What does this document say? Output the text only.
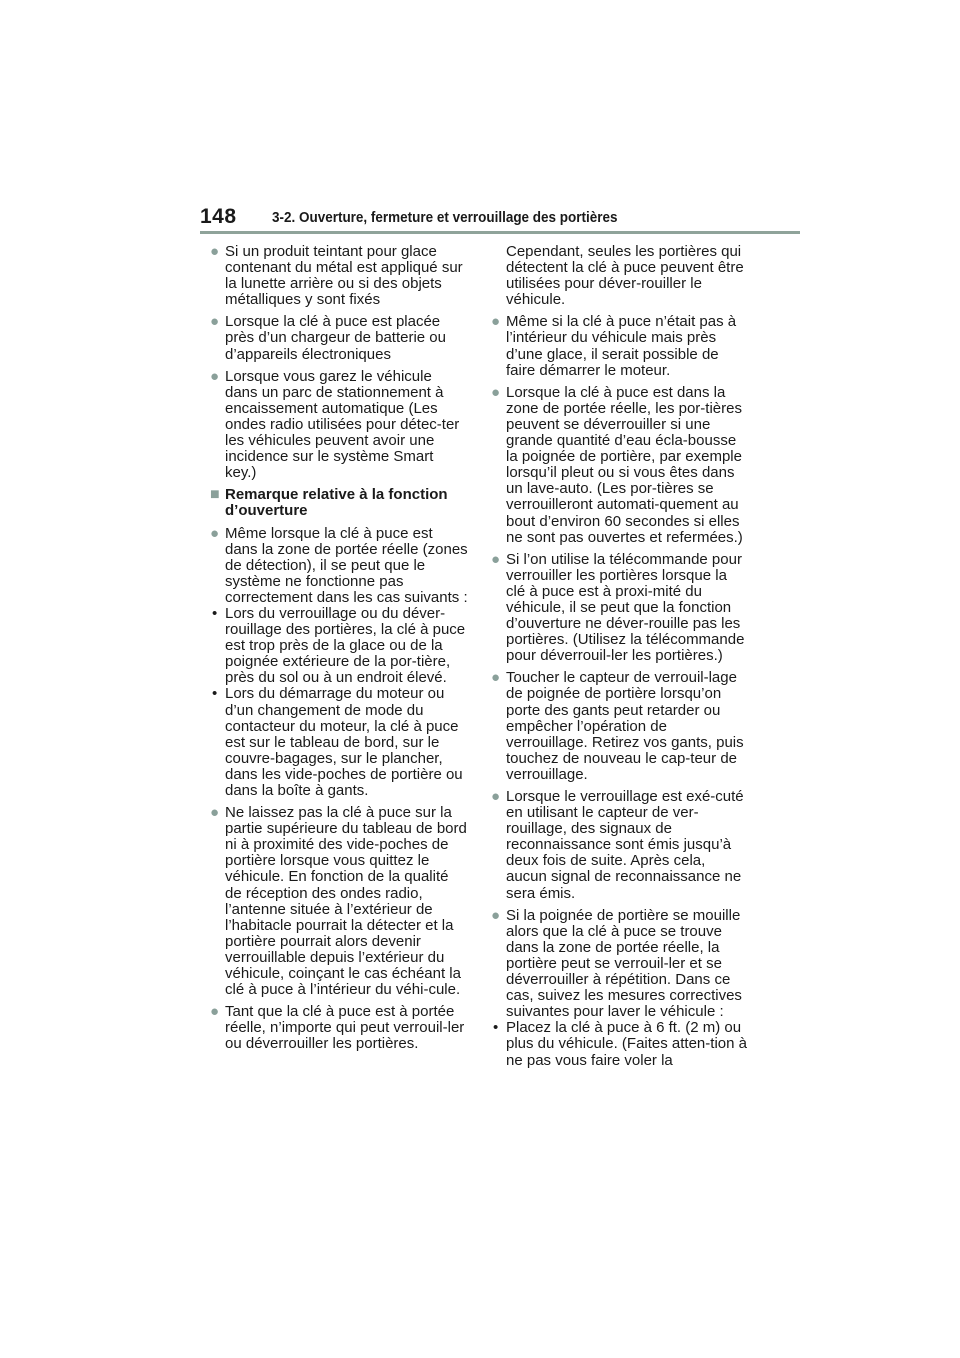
148 3-2. Ouverture, fermeture et verrouillage des portières
● Si un produit teintant pour glace contenant du métal est appliqué sur la lunette arrière ou si des objets métalliques y sont fixés
● Lorsque la clé à puce est placée près d’un chargeur de batterie ou d’appareils électroniques
● Lorsque vous garez le véhicule dans un parc de stationnement à encaissement automatique (Les ondes radio utilisées pour détec-ter les véhicules peuvent avoir une incidence sur le système Smart key.)
■ Remarque relative à la fonction d’ouverture
● Même lorsque la clé à puce est dans la zone de portée réelle (zones de détection), il se peut que le système ne fonctionne pas correctement dans les cas suivants :

• Lors du verrouillage ou du déver-rouillage des portières, la clé à puce est trop près de la glace ou de la poignée extérieure de la por-tière, près du sol ou à un endroit élevé.

• Lors du démarrage du moteur ou d’un changement de mode du contacteur du moteur, la clé à puce est sur le tableau de bord, sur le couvre-bagages, sur le plancher, dans les vide-poches de portière ou dans la boîte à gants.

● Ne laissez pas la clé à puce sur la partie supérieure du tableau de bord ni à proximité des vide-poches de portière lorsque vous quittez le véhicule. En fonction de la qualité de réception des ondes radio, l’antenne située à l’extérieur de l’habitacle pourrait la détecter et la portière pourrait alors devenir verrouillable depuis l’extérieur du véhicule, coinçant le cas échéant la clé à puce à l’intérieur du véhi-cule.
● Tant que la clé à puce est à portée réelle, n’importe qui peut verrouil-ler ou déverrouiller les portières.

Cependant, seules les portières qui détectent la clé à puce peuvent être utilisées pour déver-rouiller le véhicule.

● Même si la clé à puce n’était pas à l’intérieur du véhicule mais près d’une glace, il serait possible de faire démarrer le moteur.
● Lorsque la clé à puce est dans la zone de portée réelle, les por-tières peuvent se déverrouiller si une grande quantité d’eau écla-bousse la poignée de portière, par exemple lorsqu’il pleut ou si vous êtes dans un lave-auto. (Les por-tières se verrouilleront automati-quement au bout d’environ 60 secondes si elles ne sont pas ouvertes et refermées.)
● Si l’on utilise la télécommande pour verrouiller les portières lorsque la clé à puce est à proxi-mité du véhicule, il se peut que la fonction d’ouverture ne déver-rouille pas les portières. (Utilisez la télécommande pour déverrouil-ler les portières.)
● Toucher le capteur de verrouil-lage de poignée de portière lorsqu’on porte des gants peut retarder ou empêcher l’opération de verrouillage. Retirez vos gants, puis touchez de nouveau le cap-teur de verrouillage.
● Lorsque le verrouillage est exé-cuté en utilisant le capteur de ver-rouillage, des signaux de reconnaissance sont émis jusqu’à deux fois de suite. Après cela, aucun signal de reconnaissance ne sera émis.
● Si la poignée de portière se mouille alors que la clé à puce se trouve dans la zone de portée réelle, la portière peut se verrouil-ler et se déverrouiller à répétition. Dans ce cas, suivez les mesures correctives suivantes pour laver le véhicule :

• Placez la clé à puce à 6 ft. (2 m) ou plus du véhicule. (Faites atten-tion à ne pas vous faire voler la
